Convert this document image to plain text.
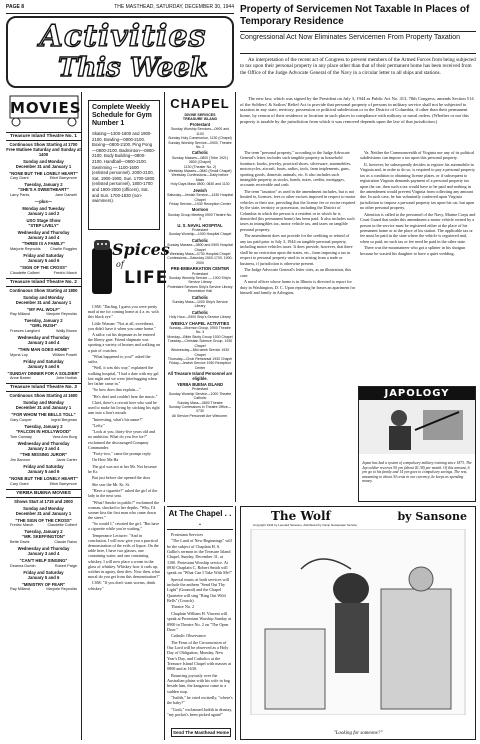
PAGE 8	THE MASTHEAD, SATURDAY, DECEMBER 30, 1944
Activities
This Week
MOVIES
Treasure Island Theatre No. 1
Continuous Show Starting at 1700
Free Matinee Saturday and Sunday at 1400
Sunday and Monday
December 31 and January 1
"NONE BUT THE LONELY HEART"
Cary Grant	Ethel Barrymore
Tuesday, January 2
"SHE'S A SWEETHEART"
Larry Parks	Jane Darwell
—plus—
Monday and Tuesday
January 1 and 2
USO Stage Show
"STEP LIVELY"
Wednesday and Thursday
January 3 and 4
"THREE IS A FAMILY"
Marjorie Reynolds Charlie Ruggles
Friday and Saturday
January 5 and 6
"SIGN OF THE CROSS"
Claudette Colbert	Fredric March
Treasure Island Theatre No. 2
Continuous Show Starting at 1800
Sunday and Monday
December 31 and January 1
"MY PAL WOLF"
Ray Milland	Marjorie Reynolds
Tuesday, January 2
"GIRL RUSH"
Frances Langford	Wally Brown
Wednesday and Thursday
January 3 and 4
"THIN MAN GOES HOME"
Myrna Loy	William Powell
Friday and Saturday
January 5 and 6
"SUNDAY DINNER FOR A SOLDIER"
Anne Baxter	John Hodiak
Treasure Island Theatre No. 3
Continuous Show Starting at 1600
Sunday and Monday
December 31 and January 1
"FOR WHOM THE BELLS TOLL"
Gary Cooper	Ingrid Bergman
Tuesday, January 2
"FALCON IN HOLLYWOOD"
Tom Conway	Vera Ann Borg
Wednesday and Thursday
January 3 and 4
"THE MISSING JUROR"
Jim Bannon	Janis Carter
Friday and Saturday
January 5 and 6
"NONE BUT THE LONELY HEART"
Cary Grant	Ethel Barrymore
YERBA BUENA MOVIES
Shows Start at 1715 and 2000
Sunday and Monday
December 31 and January 1
"THE SIGN OF THE CROSS"
Fredric March	Claudette Colbert
Tuesday, January 2
"MR. SKEFFINGTON"
Bette Davis	Claude Rains
Wednesday and Thursday
January 3 and 4
"CAN'T HELP SINGING"
Deanna Durbin	Robert Paige
Friday and Saturday
January 5 and 6
"MINISTRY OF FEAR"
Ray Milland	Marjorie Reynolds
Complete Weekly Schedule for Gym Number 1
Skating—1300-1800 and 1900-2100. Bowling—0800-2100. Boxing—0800-2100. Ping Pong—0800-2100. Badminton—0800-2100. Body Building—0800-2100. Handball—0800-2100. Swimming — 1100-1600 (enlisted personnel). 2000-2100, Sat. 1900-1900, Sun. 1700-1800 (enlisted personnel), 1800-1700 and 1900-2000 (officers), Sat. and Sun. 1700-1830 (non-swimmers).
Spices
of
LIFE

CSM: "Darling, I guess you were pretty mad at me for coming home at 4 a. m. with this black eye."

Little Woman: "Not at all, sweetheart, you didn't have it when you came home."

A sailor cut his shipmate as he entered the liberty gate. Friend shipmate was sporting a variety of bruises and walking on a pair of crutches.

"What happened to you?" asked the sailor.

"Well, it was this way," explained the walking hospital, "I had a date with my gal last night and we were jitterbugging when her father came in."

"So how does that explain—"

"He's deaf and couldn't hear the music."

Chief, there's a recruit here who said he used to make his living by sticking his right arm into a lion's mouth.

"Interesting, what's his name?"

"Lefty."

"Look at you, thirty-five years old and no ambition. What do you live for?" exclaimed the discouraged Company Commander.

"Forty-two," came the prompt reply.

On How Ma Ha

The girl was not at her Mr. Not because he Kr.

But just before she opened the door

She saw the Mr. Kr. St.

"Have a cigarette?" asked the girl of the lady in the next seat.

"What! Smoke in public?" exclaimed the woman, shocked to her depths. "Why, I'd sooner kiss the first man who came down the street."

"So would I," retorted the girl. "But have a cigarette while you're waiting."

Temperance Lecturer: "And in conclusion, I will now give you a practical demonstration of the evils of liquor. On the table here, I have two glasses, one containing water, and one containing whiskey. I will now place a worm in the glass of whiskey. Whiskey how it curls up, writhes in agony, then dies. Now then, what moral do you get from this demonstration?"

CSM: "If you don't want worms, drink whiskey."

CHAPEL
DIVINE SERVICES TREASURE ISLAND
Protestant
Sunday Worship Services—0900 and 1100
Sunday Holy Communion, 1130 (Chapel)
Sunday Worship Service—0900, Theatre No. 2
Catholic
Sunday Masses—0800 (Tribe 1921)
0800 (Chapel)
1130 (Theater No. 2)
Weekday Masses—0840 (Small Chapel)
Weekday Confessions—Daily before Mass
Holy Days Mass 0800, 0830 and 1130
Jewish
Saturday—Jewish Service—1430 Hospital Chapel
Friday Service—1930 Reception Center
Mormon
Sunday Group Meeting 0900 Theatre No. 3
U. S. NAVAL HOSPITAL
Protestant
Sunday Worship—1000 Hospital Chapel
Catholic
Sunday Masses—0800 and 0900 Hospital Chapel
Weekday Mass—0730 Hospital Chapel
Confessions—Saturday 1500-1700, 1900-2000
PRE-EMBARKATION CENTER
Protestant
Sunday Worship Service — 1000 Ship's Service Library
Protestant Services Ship's Service Library Recreation Hall
Catholic
Sunday Mass—1000 Ship's Service Library
Catholic
Holy Hour—0900 Ship's Service Library
WEEKLY CHAPEL ACTIVITIES
Sunday—Mormon Group, 0900 Theatre No. 3
Monday—Bible Study Group 1930 Chapel
Tuesday—Christian Science Group, 1930 Chapel
Wednesday—Mid-week Service 1930 Chapel
Thursday—Choir Rehearsal 1930 Chapel
Friday—Jewish Service 1930 Reception Center
All Treasure Island Personnel are eligible.
YERBA BUENA ISLAND
Protestant
Sunday Worship Service—1000 Theatre
Catholic
Sunday Mass—0800 Theatre
Sunday Confessions in Theatre Office—0730
All Service Personnel Are Welcome.
At The Chapel . . .

Protestant Services

"The Land of New Beginnings" will be the subject of Chaplain H. S. Gallin's sermon in the Treasure Island Chapel, Sunday, December 31, at 1100. Protestant Worship service. At 0930 Chaplain C. Robert Smith will speak on "What Can I Take With Me?"

Special music at both services will include the anthem "Send Out Thy Light" (Gounod) and the Chapel Quartette will sing "Ring Out Wild Bells" (Crouch).

Theatre No. 2

Chaplain William H. Vincent will speak at Protestant Worship Sunday at 0900 in Theatre No. 2 on "The Open Door."

Catholic Observance

The Feast of the Circumcision of Our Lord will be observed as a Holy Day of Obligation, Monday, New Year's Day, and Catholics at the Treasure Island Chapel with masses at 0800 and at 1630.

Bouncing joyously over the Australian plains with his wife in bag beside him, the kangaroo came to a sudden stop.

"Judith," he cried excitedly, "where's the baby?"

"Gosh," exclaimed Judith in dismay, "my pocket's been picked again!"

Send The Masthead Home
Property of Servicemen Not Taxable In Places of Temporary Residence
Congressional Act Now Eliminates Servicemen From Property Taxation
An interpretation of the recent act of Congress to prevent members of the Armed Forces from being subjected to tax upon their personal property in any place other than that of their permanent home has been received from the Office of the Judge Advocate General of the Navy in a circular letter to all ships and stations.
The new law, which was signed by the President on July 3, 1944 as Public Act No. 413, 78th Congress, amends Section 514 of the Soldiers' & Sailors' Relief Act to provide that personal property of persons in military service shall not be subjected to taxation in any state, territory, possession or political subdivision or in the District of Columbia, if other than their permanent home, by reason of their residence or location in such places in compliance with military or naval orders. (Whether or not this property is taxable by the jurisdiction from which it was removed depends upon the law of that jurisdiction.)

The term "personal property," according to the Judge Advocate General's letter, includes such tangible property as household furniture, books, jewelry, practical shoes, silverware, automobiles, motorcycles, aircraft, boats, radios, tools, farm implements, guns, sporting goods, domestic animals, etc. It also includes such intangible property as stocks, bonds, notes, credits, mortgages, accounts receivable and cash.

The term "taxation" as used in the amendment includes, but is not limited to, licenses, fees or other excises imposed in respect to motor vehicles or their use, providing that the license fee or excise required by the state, territory or possession, including the District of Columbia in which the person is a resident or in which he is domiciled (his permanent home) has been paid. It also includes such taxes as intangibles tax, motor vehicle tax, and taxes on tangible personal property.

The amendment does not provide for the crediting or refund of any tax paid prior to July 3, 1944 on tangible personal property, including motor vehicles taxes. It does provide, however, that there shall be no restriction upon the states, etc., from imposing a tax in respect to personal property used in or arising from a trade or business, if jurisdiction is otherwise present.

The Judge Advocate General's letter cites, as an illustration, this case:

A naval officer whose home is in Illinois is directed to report for duty in Washington, D. C. Upon reporting he leases an apartment for himself and family in Arlington,

Va. Neither the Commonwealth of Virginia nor any of its political subdivisions can impose a tax upon this personal property.

If, however, he subsequently decides to register his automobile in Virginia and, in order to do so, is required to pay a personal property tax as a condition to obtaining license plates, or if subsequent to registration Virginia demands payment of a personal property tax upon the car, then such a tax would have to be paid and nothing in the amendment would prevent Virginia from collecting any amount due. In such case, he has voluntarily conferred upon Virginia jurisdiction to impose a personal property tax upon his car, but upon no other personal property.

Attention is called to the personnel of the Navy, Marine Corps and Coast Guard that under this amendment a motor vehicle owned by a person in the service must be registered either at the place of his permanent home or at the place of his station. The applicable tax or fee must be paid in the state where the vehicle is registered and, when so paid, no such tax or fee need be paid in the other state.

There was the mountaineer who got a splinter in his shotgun because he wasted his daughter to have a quiet wedding.

JAPOLOGY
Japan has had a system of compulsory military training since 1873. The Jap soldier receives 50 yen (about $1.38) per month. Of this amount, 6 yen go to his family and 14 yen goes to compulsory savings. The rest, amounting to about 30 cents in our currency, he keeps as spending money.
The Wolf	by Sansone
Copyright 1944 by Leonard Sansone, distributed by Camp Newspaper Service
"Looking for someone?"
